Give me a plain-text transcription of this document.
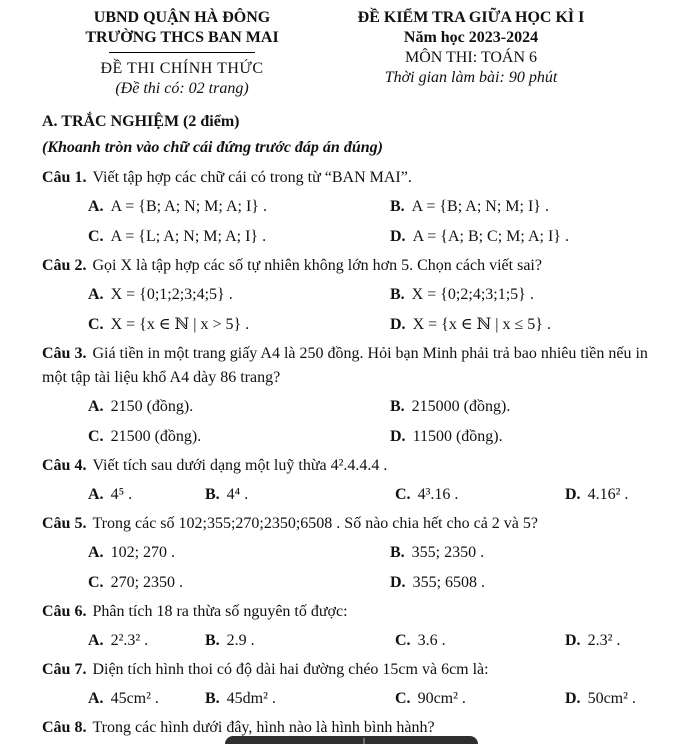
UBND QUẬN HÀ ĐÔNG
TRƯỜNG THCS BAN MAI
ĐỀ THI CHÍNH THỨC
(Đề thi có: 02 trang)
ĐỀ KIỂM TRA GIỮA HỌC KÌ I
Năm học 2023-2024
MÔN THI: TOÁN 6
Thời gian làm bài: 90 phút
A. TRẮC NGHIỆM (2 điểm)
(Khoanh tròn vào chữ cái đứng trước đáp án đúng)

Câu 1. Viết tập hợp các chữ cái có trong từ “BAN MAI”.

A. A = {B; A; N; M; A; I} .	B. A = {B; A; N; M; I} .
C. A = {L; A; N; M; A; I} .	D. A = {A; B; C; M; A; I} .

Câu 2. Gọi X là tập hợp các số tự nhiên không lớn hơn 5. Chọn cách viết sai?

A. X = {0;1;2;3;4;5} .	B. X = {0;2;4;3;1;5} .
C. X = {x ∈ ℕ | x > 5} .	D. X = {x ∈ ℕ | x ≤ 5} .

Câu 3. Giá tiền in một trang giấy A4 là 250 đồng. Hỏi bạn Minh phải trả bao nhiêu tiền nếu in một tập tài liệu khổ A4 dày 86 trang?

A. 2150 (đồng).	B. 215000 (đồng).
C. 21500 (đồng).	D. 11500 (đồng).

Câu 4. Viết tích sau dưới dạng một luỹ thừa 4².4.4.4 .

A. 4⁵ .	B. 4⁴ .	C. 4³.16 .	D. 4.16² .

Câu 5. Trong các số 102;355;270;2350;6508 . Số nào chia hết cho cả 2 và 5?

A. 102; 270 .	B. 355; 2350 .
C. 270; 2350 .	D. 355; 6508 .

Câu 6. Phân tích 18 ra thừa số nguyên tố được:

A. 2².3² .	B. 2.9 .	C. 3.6 .	D. 2.3² .

Câu 7. Diện tích hình thoi có độ dài hai đường chéo 15cm và 6cm là:

A. 45cm² .	B. 45dm² .	C. 90cm² .	D. 50cm² .

Câu 8. Trong các hình dưới đây, hình nào là hình bình hành?
